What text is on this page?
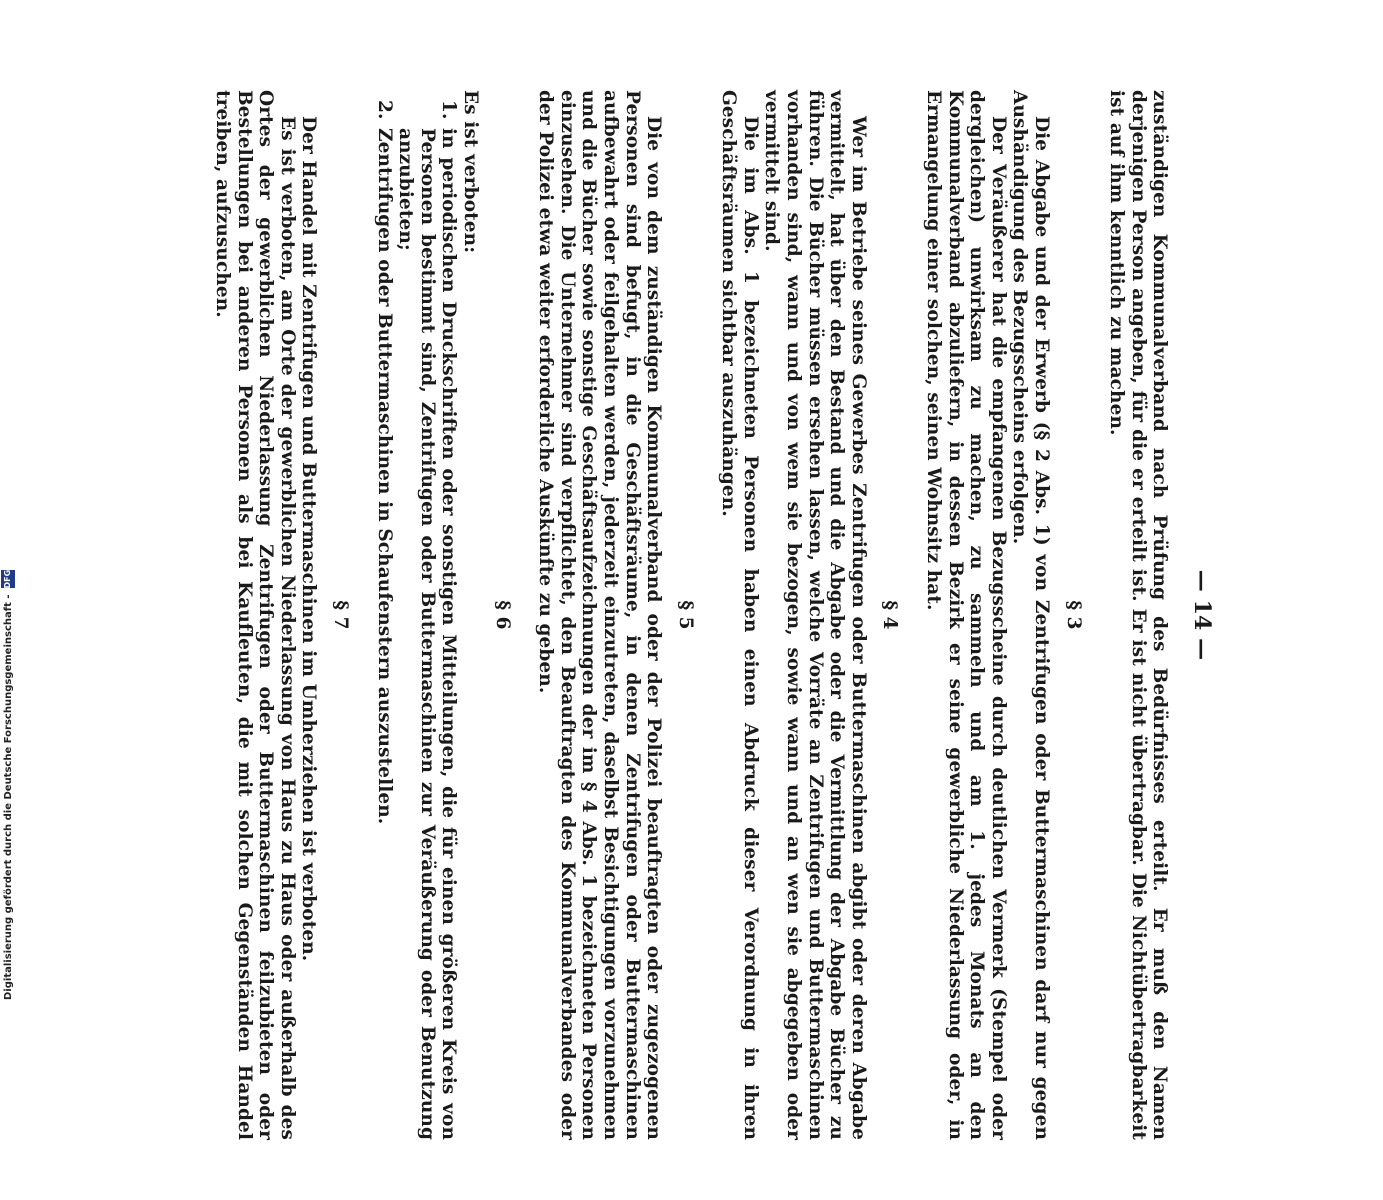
— 14 —

zuständigen Kommunalverband nach Prüfung des Bedürfnisses erteilt. Er muß den Namen derjenigen Person angeben, für die er erteilt ist. Er ist nicht übertragbar. Die Nichtübertragbarkeit ist auf ihm kenntlich zu machen.

§ 3

Die Abgabe und der Erwerb (§ 2 Abs. 1) von Zentrifugen oder Buttermaschinen darf nur gegen Aushändigung des Bezugsscheins erfolgen.

Der Veräußerer hat die empfangenen Bezugsscheine durch deutlichen Vermerk (Stempel oder dergleichen) unwirksam zu machen, zu sammeln und am 1. jedes Monats an den Kommunalverband abzuliefern, in dessen Bezirk er seine gewerbliche Niederlassung oder, in Ermangelung einer solchen, seinen Wohnsitz hat.

§ 4

Wer im Betriebe seines Gewerbes Zentrifugen oder Buttermaschinen abgibt oder deren Abgabe vermittelt, hat über den Bestand und die Abgabe oder die Vermittlung der Abgabe Bücher zu führen. Die Bücher müssen ersehen lassen, welche Vorräte an Zentrifugen und Buttermaschinen vorhanden sind, wann und von wem sie bezogen, sowie wann und an wen sie abgegeben oder vermittelt sind.

Die im Abs. 1 bezeichneten Personen haben einen Abdruck dieser Verordnung in ihren Geschäftsräumen sichtbar auszuhängen.

§ 5

Die von dem zuständigen Kommunalverband oder der Polizei beauftragten oder zugezogenen Personen sind befugt, in die Geschäftsräume, in denen Zentrifugen oder Buttermaschinen aufbewahrt oder feilgehalten werden, jederzeit einzutreten, daselbst Besichtigungen vorzunehmen und die Bücher sowie sonstige Geschäftsaufzeichnungen der im § 4 Abs. 1 bezeichneten Personen einzusehen. Die Unternehmer sind verpflichtet, den Beauftragten des Kommunalverbandes oder der Polizei etwa weiter erforderliche Auskünfte zu geben.

§ 6

Es ist verboten:

1.
in periodischen Druckschriften oder sonstigen Mitteilungen, die für einen größeren Kreis von Personen bestimmt sind, Zentrifugen oder Buttermaschinen zur Veräußerung oder Benutzung anzubieten;
2.
Zentrifugen oder Buttermaschinen in Schaufenstern auszustellen.
§ 7

Der Handel mit Zentrifugen und Buttermaschinen im Umherziehen ist verboten.

Es ist verboten, am Orte der gewerblichen Niederlassung von Haus zu Haus oder außerhalb des Ortes der gewerblichen Niederlassung Zentrifugen oder Buttermaschinen feilzubieten oder Bestellungen bei anderen Personen als bei Kaufleuten, die mit solchen Gegenständen Handel treiben, aufzusuchen.

Digitalisierung gefördert durch die Deutsche Forschungsgemeinschaft -
DFG
